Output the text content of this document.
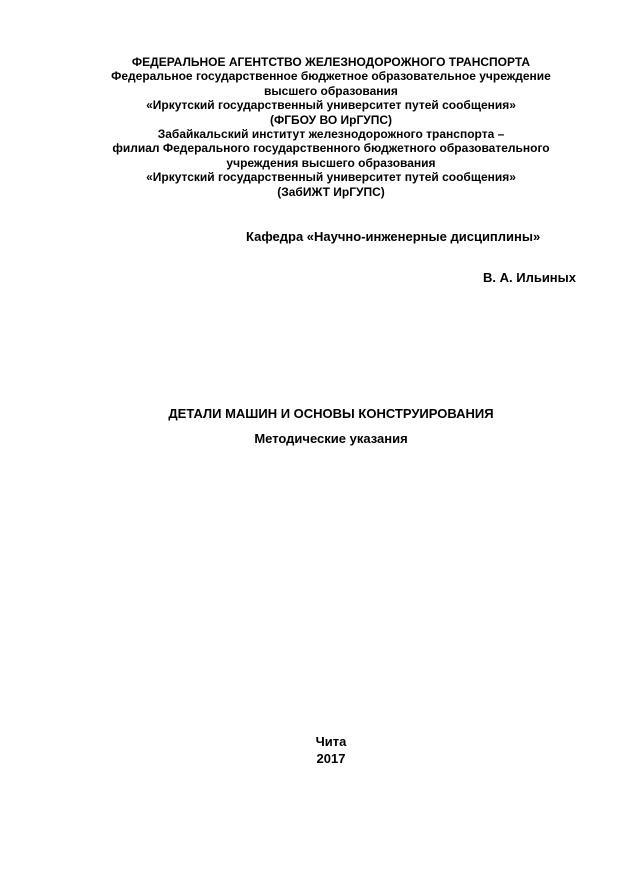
ФЕДЕРАЛЬНОЕ АГЕНТСТВО ЖЕЛЕЗНОДОРОЖНОГО ТРАНСПОРТА
Федеральное государственное бюджетное образовательное учреждение
высшего образования
«Иркутский государственный университет путей сообщения»
(ФГБОУ ВО ИрГУПС)
Забайкальский институт железнодорожного транспорта –
филиал Федерального государственного бюджетного образовательного
учреждения высшего образования
«Иркутский государственный университет путей сообщения»
(ЗабИЖТ ИрГУПС)
Кафедра «Научно-инженерные дисциплины»
В. А. Ильиных
ДЕТАЛИ МАШИН И ОСНОВЫ КОНСТРУИРОВАНИЯ
Методические указания
Чита
2017
